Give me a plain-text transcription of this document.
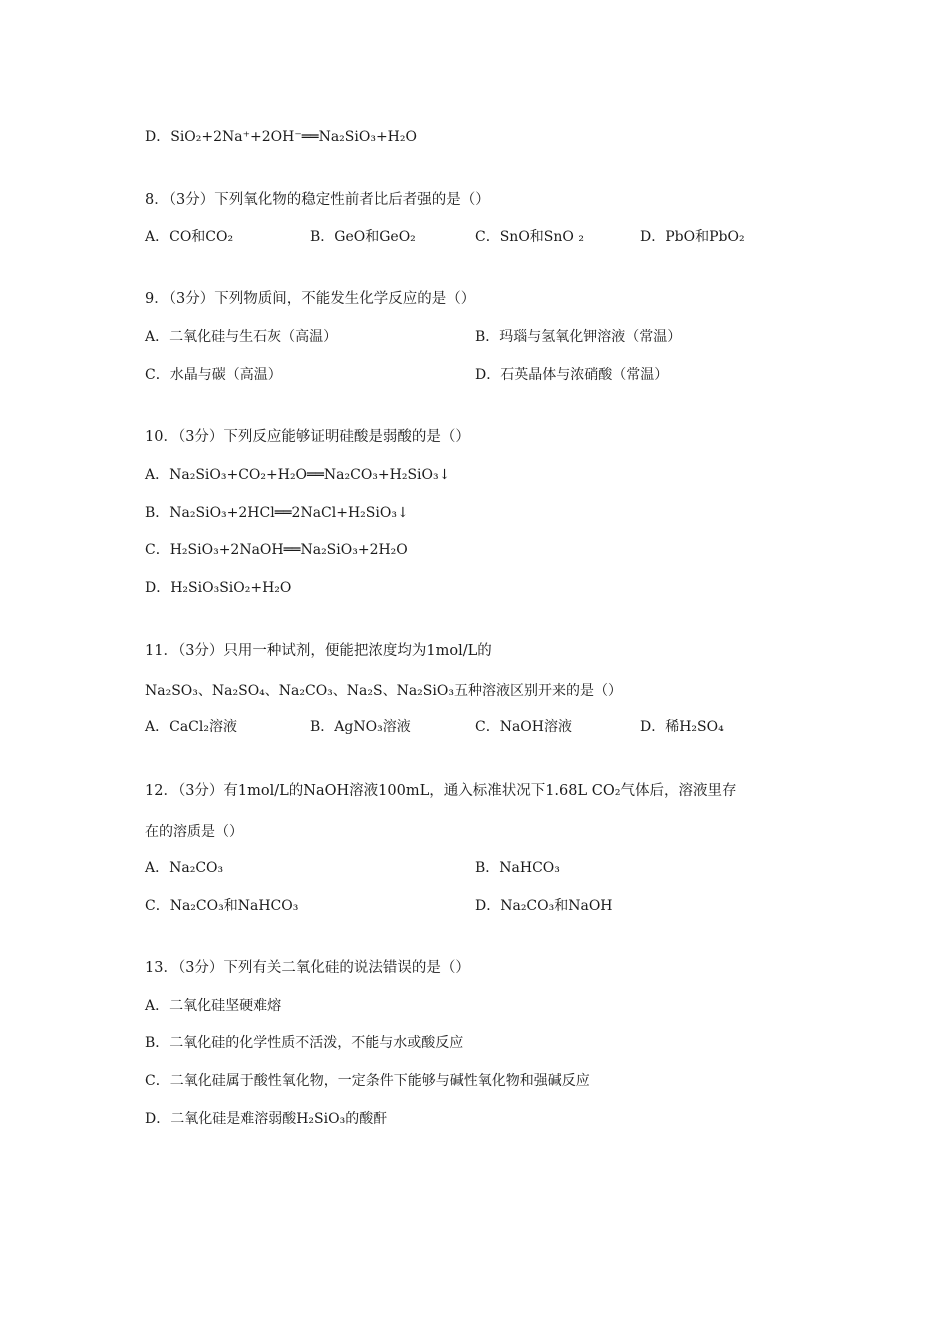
D．SiO₂+2Na⁺+2OH⁻══Na₂SiO₃+H₂O
8．（3分）下列氧化物的稳定性前者比后者强的是（）
A．CO和CO₂	B．GeO和GeO₂	C．SnO和SnO ₂	D．PbO和PbO₂
9．（3分）下列物质间，不能发生化学反应的是（）
A．二氧化硅与生石灰（高温）	B．玛瑙与氢氧化钾溶液（常温）
C．水晶与碳（高温）	D．石英晶体与浓硝酸（常温）
10．（3分）下列反应能够证明硅酸是弱酸的是（）
A．Na₂SiO₃+CO₂+H₂O══Na₂CO₃+H₂SiO₃↓
B．Na₂SiO₃+2HCl══2NaCl+H₂SiO₃↓
C．H₂SiO₃+2NaOH══Na₂SiO₃+2H₂O
D．H₂SiO₃SiO₂+H₂O
11．（3分）只用一种试剂，便能把浓度均为1mol/L的
Na₂SO₃、Na₂SO₄、Na₂CO₃、Na₂S、Na₂SiO₃五种溶液区别开来的是（）
A．CaCl₂溶液	B．AgNO₃溶液	C．NaOH溶液	D．稀H₂SO₄
12．（3分）有1mol/L的NaOH溶液100mL，通入标准状况下1.68L CO₂气体后，溶液里存
在的溶质是（）
A．Na₂CO₃	B．NaHCO₃
C．Na₂CO₃和NaHCO₃	D．Na₂CO₃和NaOH
13．（3分）下列有关二氧化硅的说法错误的是（）
A．二氧化硅坚硬难熔
B．二氧化硅的化学性质不活泼，不能与水或酸反应
C．二氧化硅属于酸性氧化物，一定条件下能够与碱性氧化物和强碱反应
D．二氧化硅是难溶弱酸H₂SiO₃的酸酐
